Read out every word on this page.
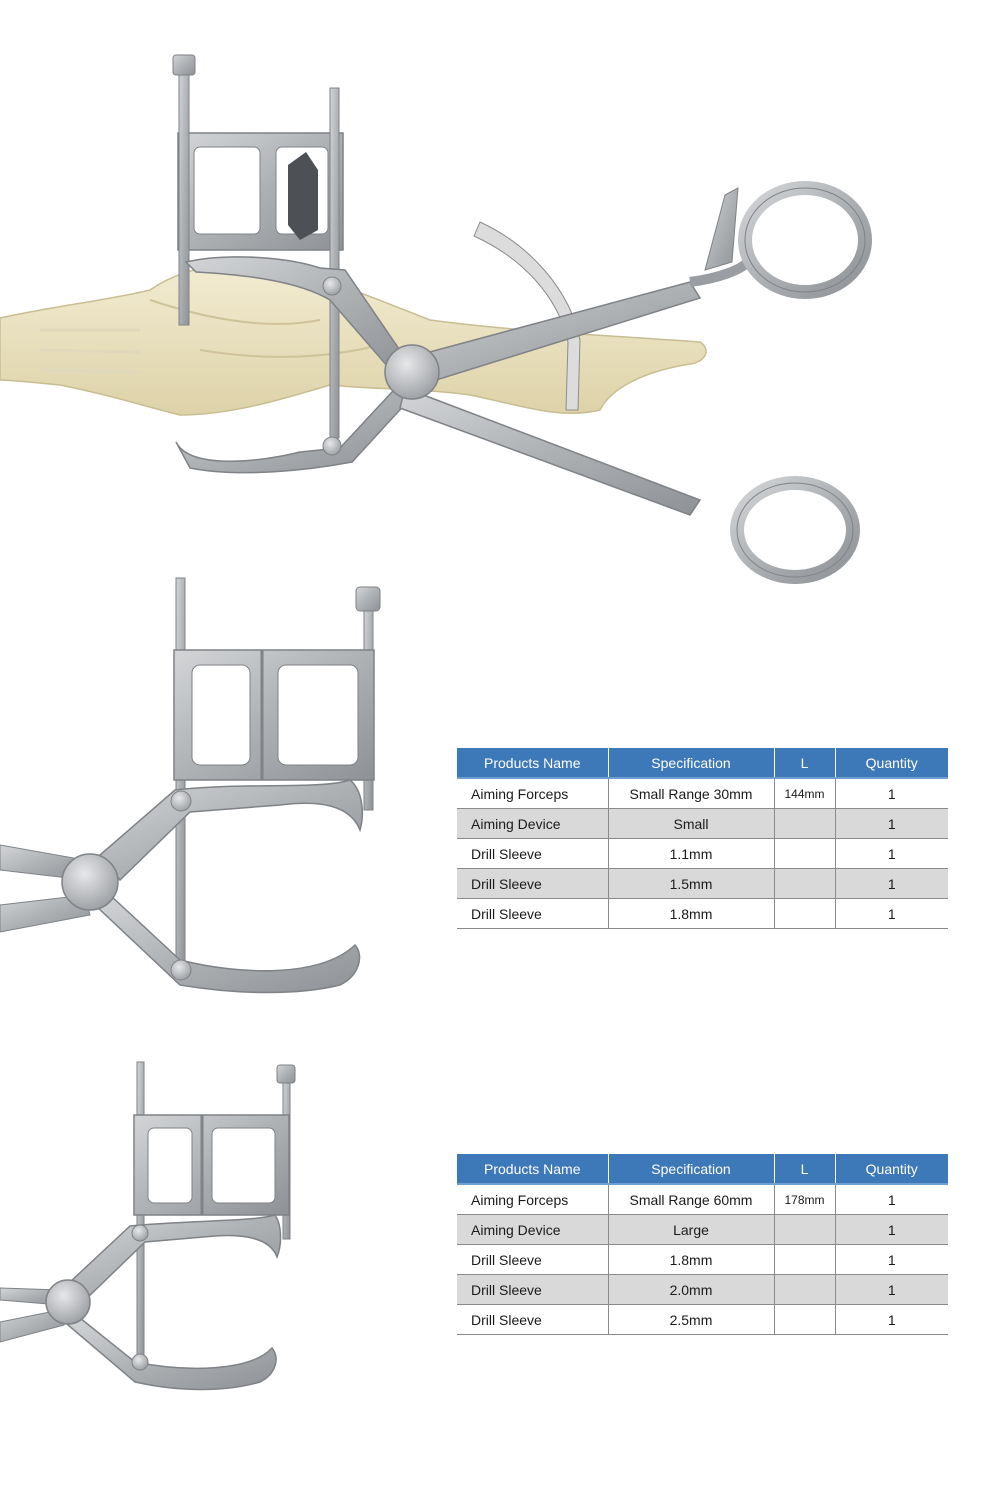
Products Name	Specification	L	Quantity
Aiming Forceps	Small Range 30mm	144mm	1
Aiming Device	Small		1
Drill Sleeve	1.1mm		1
Drill Sleeve	1.5mm		1
Drill Sleeve	1.8mm		1
Products Name	Specification	L	Quantity
Aiming Forceps	Small Range 60mm	178mm	1
Aiming Device	Large		1
Drill Sleeve	1.8mm		1
Drill Sleeve	2.0mm		1
Drill Sleeve	2.5mm		1
